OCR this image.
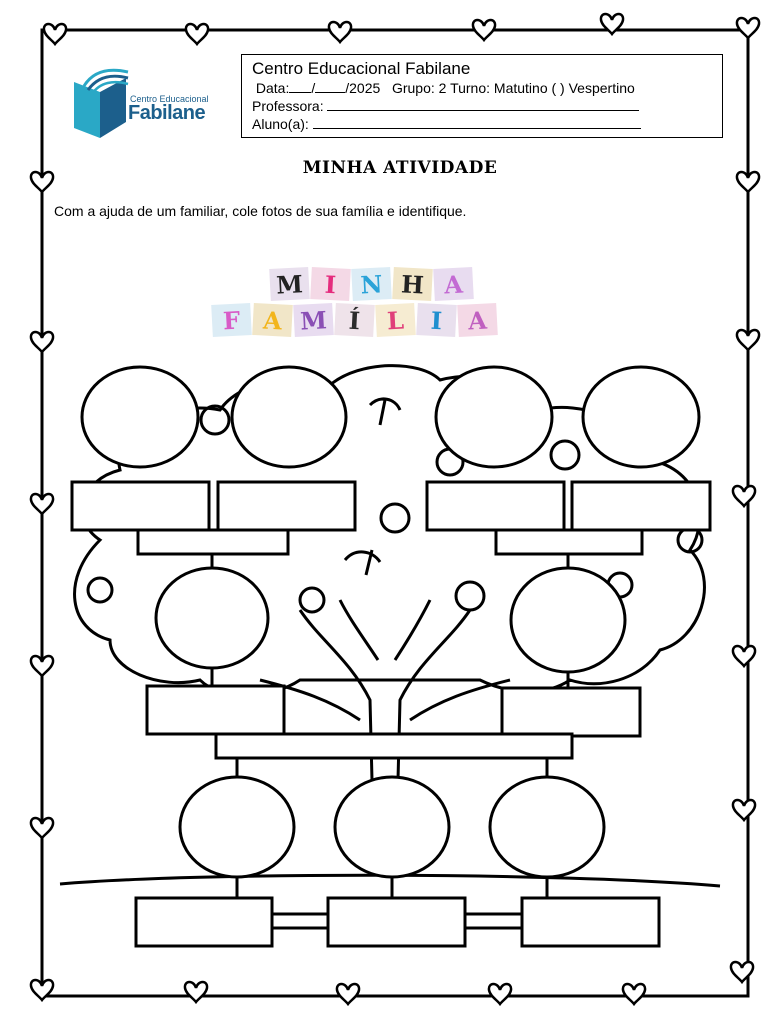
Centro Educacional
Fabilane
Centro Educacional Fabilane
Data: / /2025 Grupo: 2 Turno: Matutino ( ) Vespertino
Professora:
Aluno(a):
MINHA ATIVIDADE
Com a ajuda de um familiar, cole fotos de sua família e identifique.
M I N H A
F A M Í	L	I	A
